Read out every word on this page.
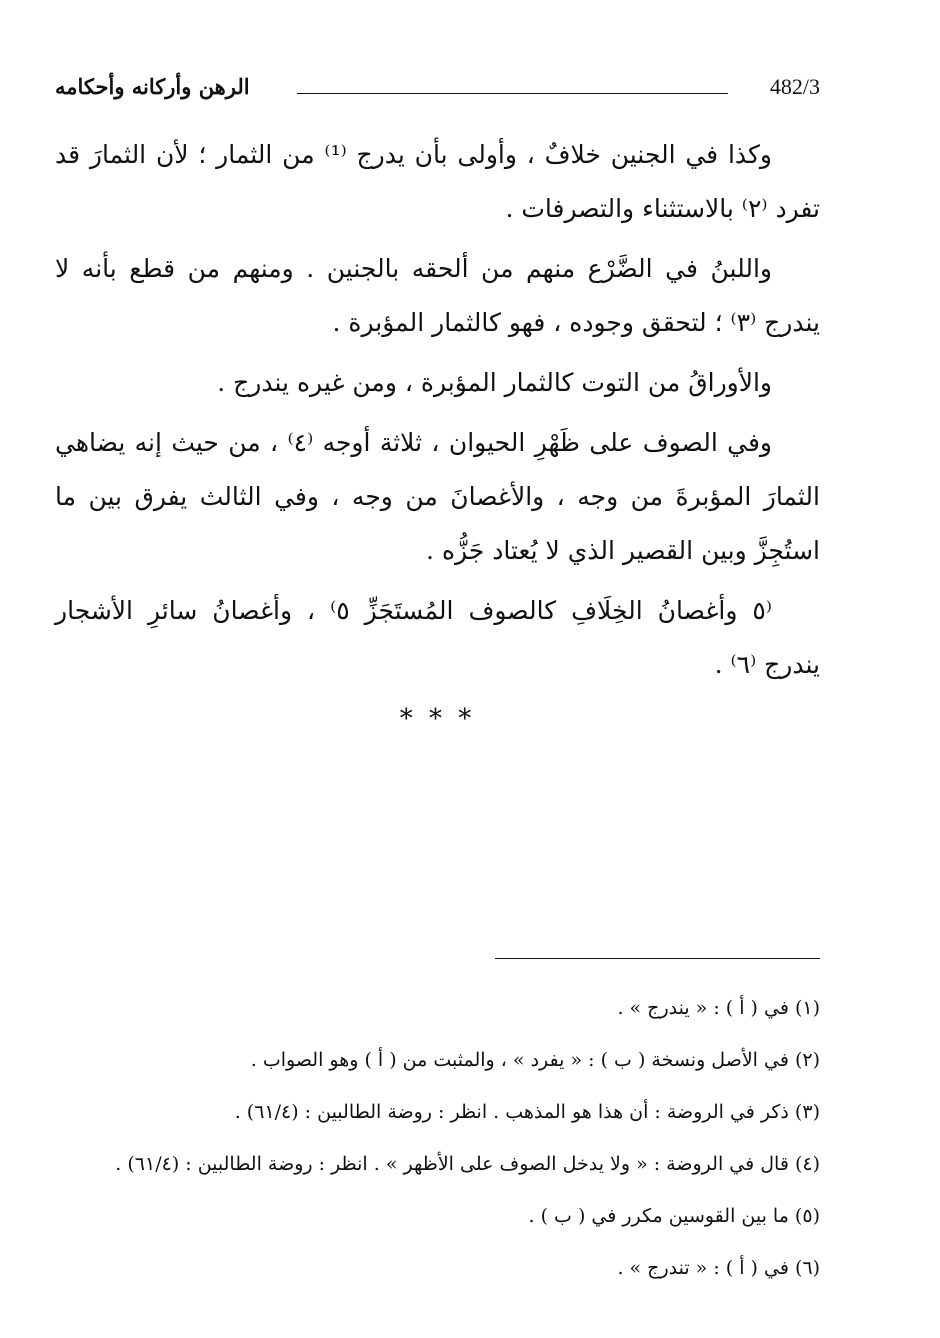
الرهن وأركانه وأحكامه	482/3

وكذا في الجنين خلافٌ ، وأولى بأن يدرج ⁽¹⁾ من الثمار ؛ لأن الثمارَ قد تفرد ⁽٢⁾ بالاستثناء والتصرفات .

واللبنُ في الضَّرْع منهم من ألحقه بالجنين . ومنهم من قطع بأنه لا يندرج ⁽٣⁾ ؛ لتحقق وجوده ، فهو كالثمار المؤبرة .

والأوراقُ من التوت كالثمار المؤبرة ، ومن غيره يندرج .

وفي الصوف على ظَهْرِ الحيوان ، ثلاثة أوجه ⁽٤⁾ ، من حيث إنه يضاهي الثمارَ المؤبرةَ من وجه ، والأغصانَ من وجه ، وفي الثالث يفرق بين ما استُجِزَّ وبين القصير الذي لا يُعتاد جَزُّه .

⁽٥ وأغصانُ الخِلَافِ كالصوف المُستَجَزِّ ٥⁾ ، وأغصانُ سائرِ الأشجار يندرج ⁽٦⁾ .

* * *
(١) في ( أ ) : « يندرج » .
(٢) في الأصل ونسخة ( ب ) : « يفرد » ، والمثبت من ( أ ) وهو الصواب .
(٣) ذكر في الروضة : أن هذا هو المذهب . انظر : روضة الطالبين : (٦١/٤) .
(٤) قال في الروضة : « ولا يدخل الصوف على الأظهر » . انظر : روضة الطالبين : (٦١/٤) .
(٥) ما بين القوسين مكرر في ( ب ) .
(٦) في ( أ ) : « تندرج » .
